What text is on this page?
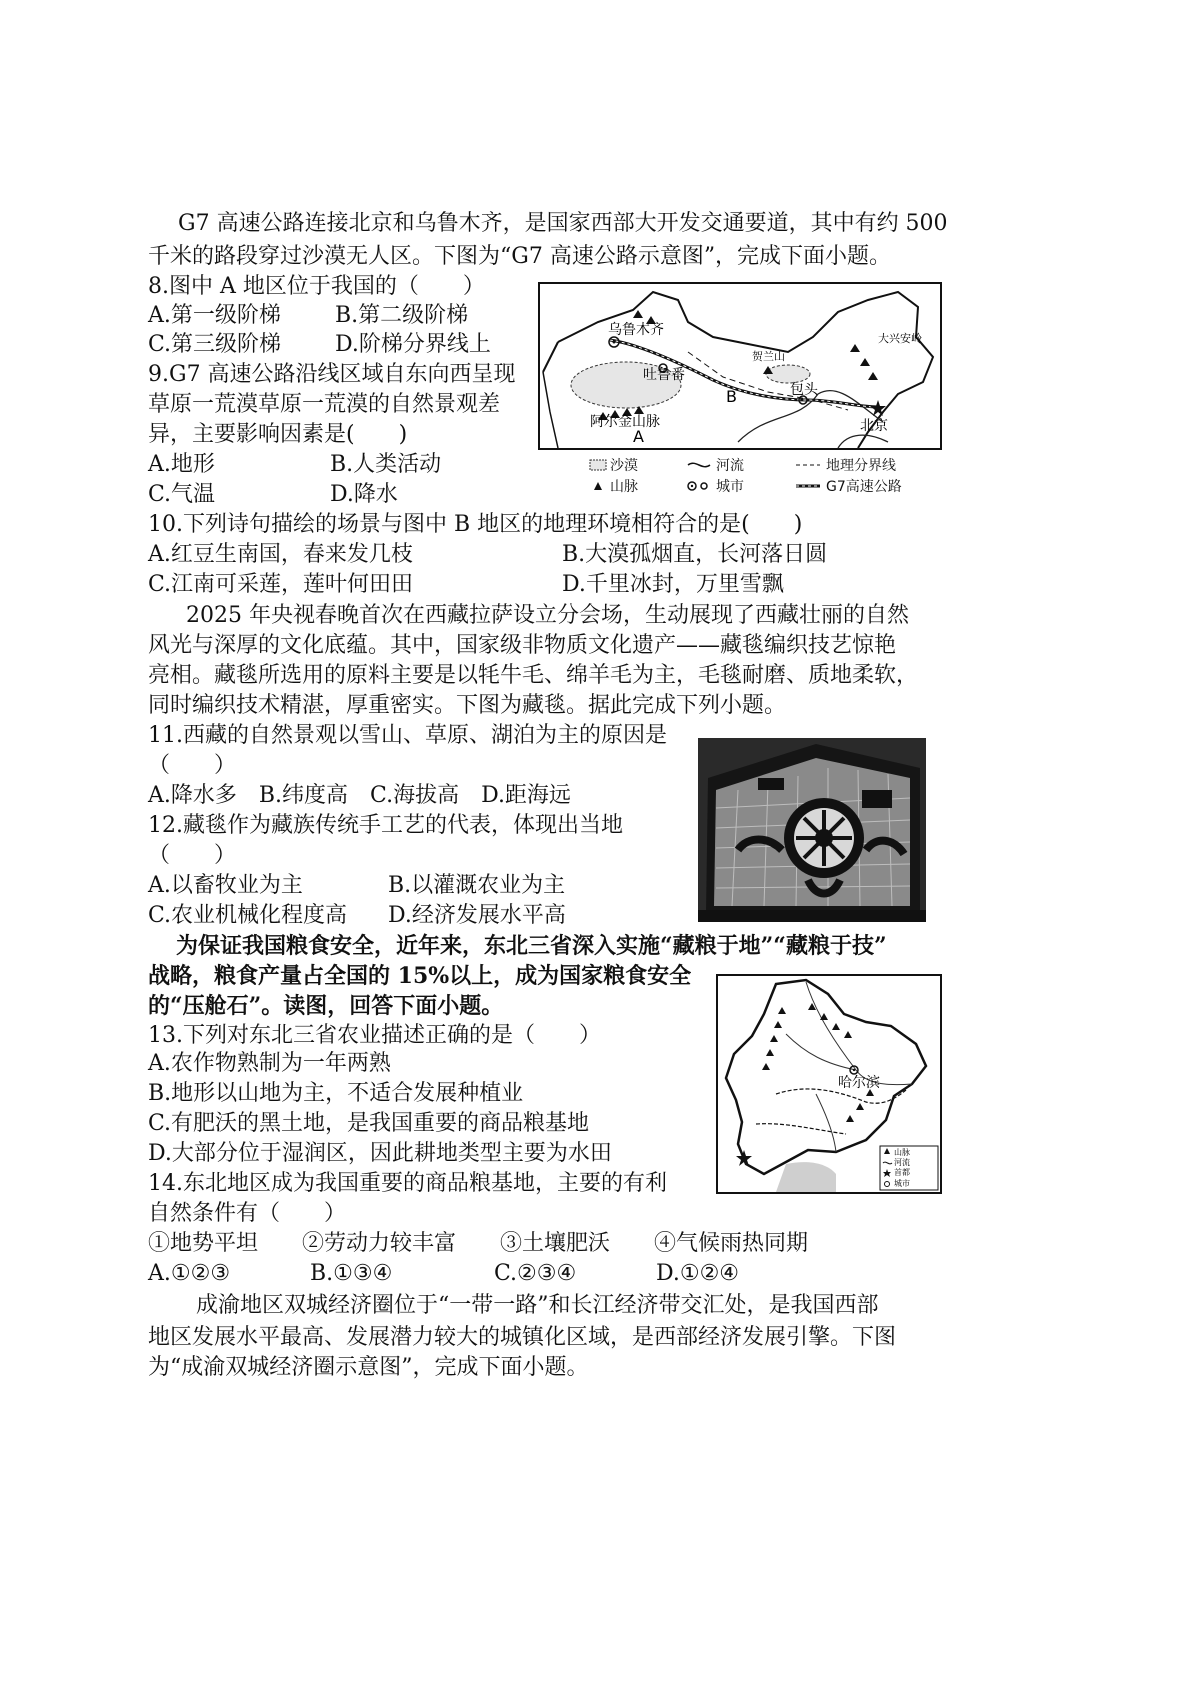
G7 高速公路连接北京和乌鲁木齐，是国家西部大开发交通要道，其中有约 500
千米的路段穿过沙漠无人区。下图为“G7 高速公路示意图”，完成下面小题。
8.图中 A 地区位于我国的（　　）
A.第一级阶梯 B.第二级阶梯
C.第三级阶梯 D.阶梯分界线上
9.G7 高速公路沿线区域自东向西呈现
草原一荒漠草原一荒漠的自然景观差
异，主要影响因素是(　　)
A.地形	B.人类活动
C.气温	D.降水
乌鲁木齐
吐鲁番
阿尔金山脉
A
B	包头
北京
贺兰山
大兴安岭
沙漠	河流	地理分界线
山脉	城市	G7高速公路
10.下列诗句描绘的场景与图中 B 地区的地理环境相符合的是(　　)
A.红豆生南国，春来发几枝	B.大漠孤烟直，长河落日圆
C.江南可采莲，莲叶何田田	D.千里冰封，万里雪飘
2025 年央视春晚首次在西藏拉萨设立分会场，生动展现了西藏壮丽的自然
风光与深厚的文化底蕴。其中，国家级非物质文化遗产——藏毯编织技艺惊艳
亮相。藏毯所选用的原料主要是以牦牛毛、绵羊毛为主，毛毯耐磨、质地柔软，
同时编织技术精湛，厚重密实。下图为藏毯。据此完成下列小题。
11.西藏的自然景观以雪山、草原、湖泊为主的原因是
（　　）
A.降水多　B.纬度高　C.海拔高　D.距海远
12.藏毯作为藏族传统手工艺的代表，体现出当地
（　　）
A.以畜牧业为主	B.以灌溉农业为主
C.农业机械化程度高 D.经济发展水平高
为保证我国粮食安全，近年来，东北三省深入实施“藏粮于地”“藏粮于技”
战略，粮食产量占全国的 15%以上，成为国家粮食安全
的“压舱石”。读图，回答下面小题。
哈尔滨
山脉
河流
首都
城市
13.下列对东北三省农业描述正确的是（　　）
A.农作物熟制为一年两熟
B.地形以山地为主，不适合发展种植业
C.有肥沃的黑土地，是我国重要的商品粮基地
D.大部分位于湿润区，因此耕地类型主要为水田
14.东北地区成为我国重要的商品粮基地，主要的有利
自然条件有（　　）
①地势平坦　　②劳动力较丰富　　③土壤肥沃　　④气候雨热同期
A.①②③	B.①③④	C.②③④	D.①②④
成渝地区双城经济圈位于“一带一路”和长江经济带交汇处，是我国西部
地区发展水平最高、发展潜力较大的城镇化区域，是西部经济发展引擎。下图
为“成渝双城经济圈示意图”，完成下面小题。
